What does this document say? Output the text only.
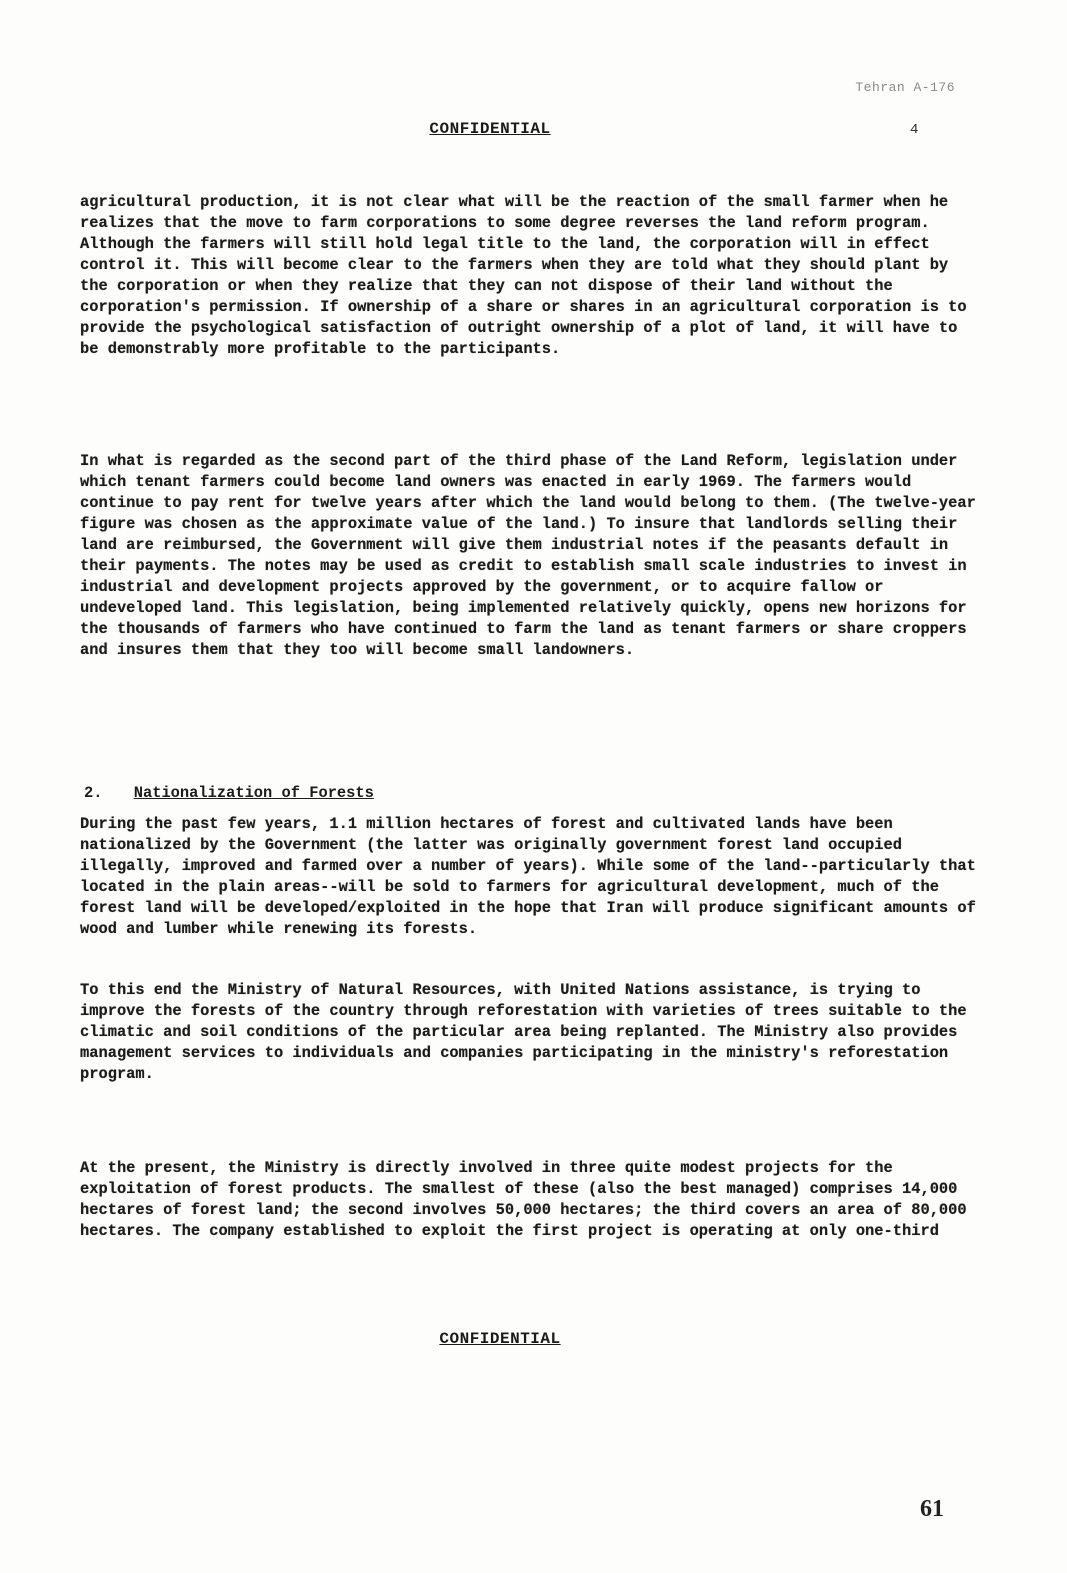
Tehran A-176
CONFIDENTIAL	4
agricultural production, it is not clear what will be the reaction of the small farmer when he realizes that the move to farm corporations to some degree reverses the land reform program. Although the farmers will still hold legal title to the land, the corporation will in effect control it. This will become clear to the farmers when they are told what they should plant by the corporation or when they realize that they can not dispose of their land without the corporation's permission. If ownership of a share or shares in an agricultural corporation is to provide the psychological satisfaction of outright ownership of a plot of land, it will have to be demonstrably more profitable to the participants.
In what is regarded as the second part of the third phase of the Land Reform, legislation under which tenant farmers could become land owners was enacted in early 1969. The farmers would continue to pay rent for twelve years after which the land would belong to them. (The twelve-year figure was chosen as the approximate value of the land.) To insure that landlords selling their land are reimbursed, the Government will give them industrial notes if the peasants default in their payments. The notes may be used as credit to establish small scale industries to invest in industrial and development projects approved by the government, or to acquire fallow or undeveloped land. This legislation, being implemented relatively quickly, opens new horizons for the thousands of farmers who have continued to farm the land as tenant farmers or share croppers and insures them that they too will become small landowners.
2. Nationalization of Forests
During the past few years, 1.1 million hectares of forest and cultivated lands have been nationalized by the Government (the latter was originally government forest land occupied illegally, improved and farmed over a number of years). While some of the land--particularly that located in the plain areas--will be sold to farmers for agricultural development, much of the forest land will be developed/exploited in the hope that Iran will produce significant amounts of wood and lumber while renewing its forests.
To this end the Ministry of Natural Resources, with United Nations assistance, is trying to improve the forests of the country through reforestation with varieties of trees suitable to the climatic and soil conditions of the particular area being replanted. The Ministry also provides management services to individuals and companies participating in the ministry's reforestation program.
At the present, the Ministry is directly involved in three quite modest projects for the exploitation of forest products. The smallest of these (also the best managed) comprises 14,000 hectares of forest land; the second involves 50,000 hectares; the third covers an area of 80,000 hectares. The company established to exploit the first project is operating at only one-third
CONFIDENTIAL
61
